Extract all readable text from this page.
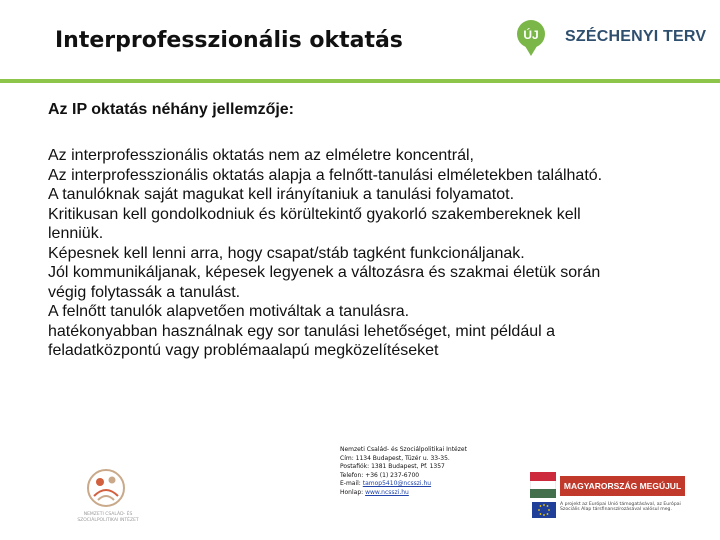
Interprofesszionális oktatás	ÚJ SZÉCHENYI TERV
Az IP oktatás néhány jellemzője:

Az interprofesszionális oktatás nem az elméletre koncentrál,

Az interprofesszionális oktatás alapja a felnőtt-tanulási elméletekben található.

A tanulóknak saját magukat kell irányítaniuk a tanulási folyamatot.

Kritikusan kell gondolkodniuk és körültekintő gyakorló szakembereknek kell lenniük.

Képesnek kell lenni arra, hogy csapat/stáb tagként funkcionáljanak.

Jól kommunikáljanak, képesek legyenek a változásra és szakmai életük során végig folytassák a tanulást.

A felnőtt tanulók alapvetően motiváltak a tanulásra.

hatékonyabban használnak egy sor tanulási lehetőséget, mint például a feladatközpontú vagy problémaalapú megközelítéseket

NEMZETI CSALÁD- ÉS SZOCIÁLPOLITIKAI INTÉZET

Nemzeti Család- és Szociálpolitikai Intézet

Cím: 1134 Budapest, Tüzér u. 33-35.

Postafiók: 1381 Budapest, Pf. 1357

Telefon: +36 (1) 237-6700

E-mail: tamop5410@ncsszi.hu

Honlap: www.ncsszi.hu

MAGYARORSZÁG MEGÚJUL
A projekt az Európai Unió támogatásával, az Európai Szociális Alap társfinanszírozásával valósul meg.
